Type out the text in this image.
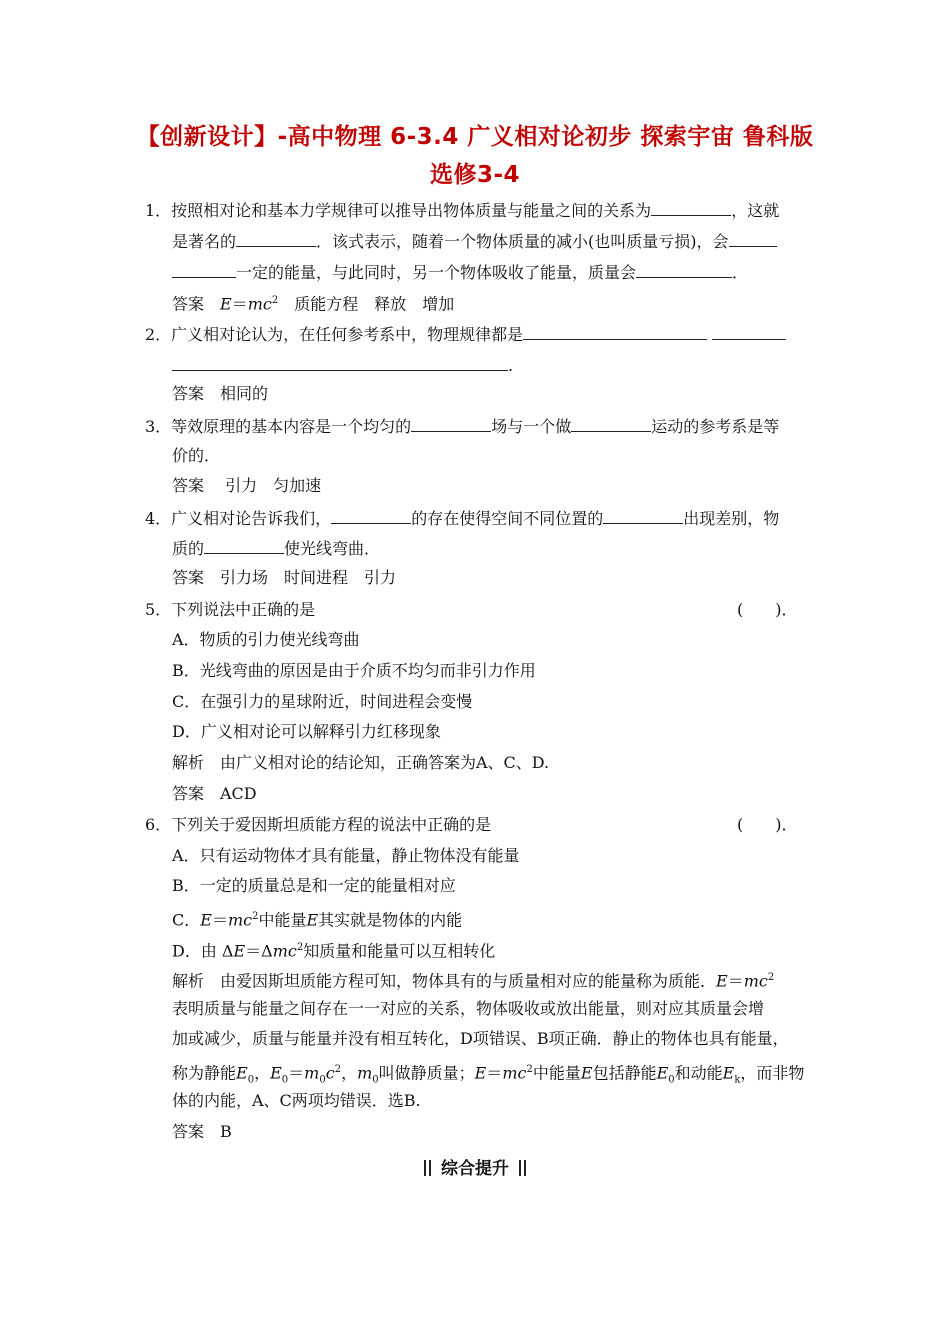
【创新设计】-高中物理 6-3.4 广义相对论初步 探索宇宙 鲁科版
选修3-4
1．按照相对论和基本力学规律可以推导出物体质量与能量之间的关系为	，这就
是著名的	．该式表示，随着一个物体质量的减小(也叫质量亏损)，会
一定的能量，与此同时，另一个物体吸收了能量，质量会	．
答案　 $E=mc^2$　 质能方程　释放　增加
2．广义相对论认为，在任何参考系中，物理规律都是
.
答案　相同的
3．等效原理的基本内容是一个均匀的	场与一个做	运动的参考系是等
价的．
答案　 引力　匀加速
4．广义相对论告诉我们，	的存在使得空间不同位置的	出现差别，物
质的	使光线弯曲．
答案　引力场　时间进程　引力
5．下列说法中正确的是	(　　)．
A．物质的引力使光线弯曲
B．光线弯曲的原因是由于介质不均匀而非引力作用
C．在强引力的星球附近，时间进程会变慢
D．广义相对论可以解释引力红移现象
解析　由广义相对论的结论知，正确答案为A、C、D.
答案　ACD
6．下列关于爱因斯坦质能方程的说法中正确的是	(　　)．
A．只有运动物体才具有能量，静止物体没有能量
B．一定的质量总是和一定的能量相对应
C．$E=mc^2$中能量E其实就是物体的内能
D．由 ΔE＝Δmc$^2$知质量和能量可以互相转化
解析　由爱因斯坦质能方程可知，物体具有的与质量相对应的能量称为质能．$E=mc^2$
表明质量与能量之间存在一一对应的关系，物体吸收或放出能量，则对应其质量会增
加或减少，质量与能量并没有相互转化，D项错误、B项正确．静止的物体也具有能量，
称为静能$E_0$，$E_0=m_0c^2$，$m_0$叫做静质量；$E=mc^2$中能量E包括静能$E_0$和动能$E_k$，而非物
体的内能，A、C两项均错误．选B.
答案　B
综合提升
